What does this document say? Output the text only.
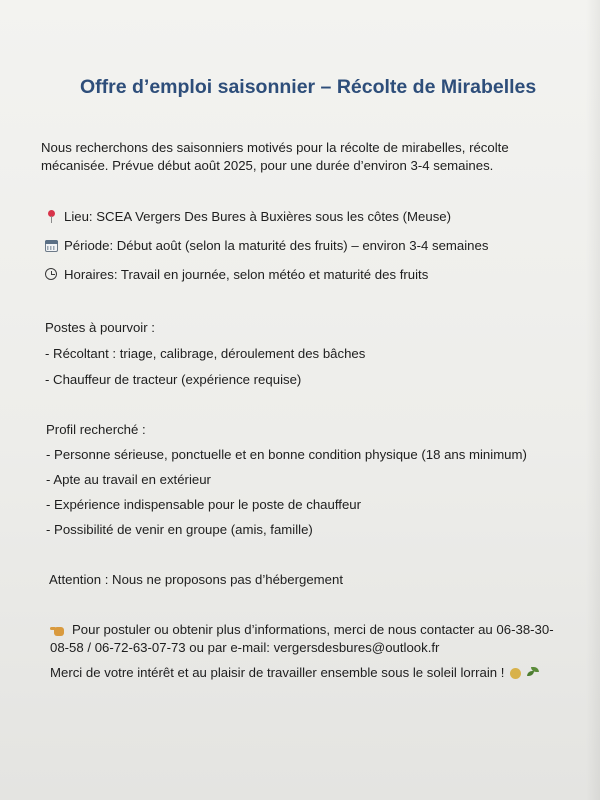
Offre d’emploi saisonnier – Récolte de Mirabelles
Nous recherchons des saisonniers motivés pour la récolte de mirabelles, récolte
mécanisée. Prévue début août 2025, pour une durée d’environ 3-4 semaines.
Lieu: SCEA Vergers Des Bures à Buxières sous les côtes (Meuse)
Période: Début août (selon la maturité des fruits) – environ 3-4 semaines
Horaires: Travail en journée, selon météo et maturité des fruits
Postes à pourvoir :
- Récoltant : triage, calibrage, déroulement des bâches
- Chauffeur de tracteur (expérience requise)
Profil recherché :
- Personne sérieuse, ponctuelle et en bonne condition physique (18 ans minimum)
- Apte au travail en extérieur
- Expérience indispensable pour le poste de chauffeur
- Possibilité de venir en groupe (amis, famille)
Attention : Nous ne proposons pas d’hébergement
Pour postuler ou obtenir plus d’informations, merci de nous contacter au 06-38-30-
08-58 / 06-72-63-07-73 ou par e-mail: vergersdesbures@outlook.fr
Merci de votre intérêt et au plaisir de travailler ensemble sous le soleil lorrain !
